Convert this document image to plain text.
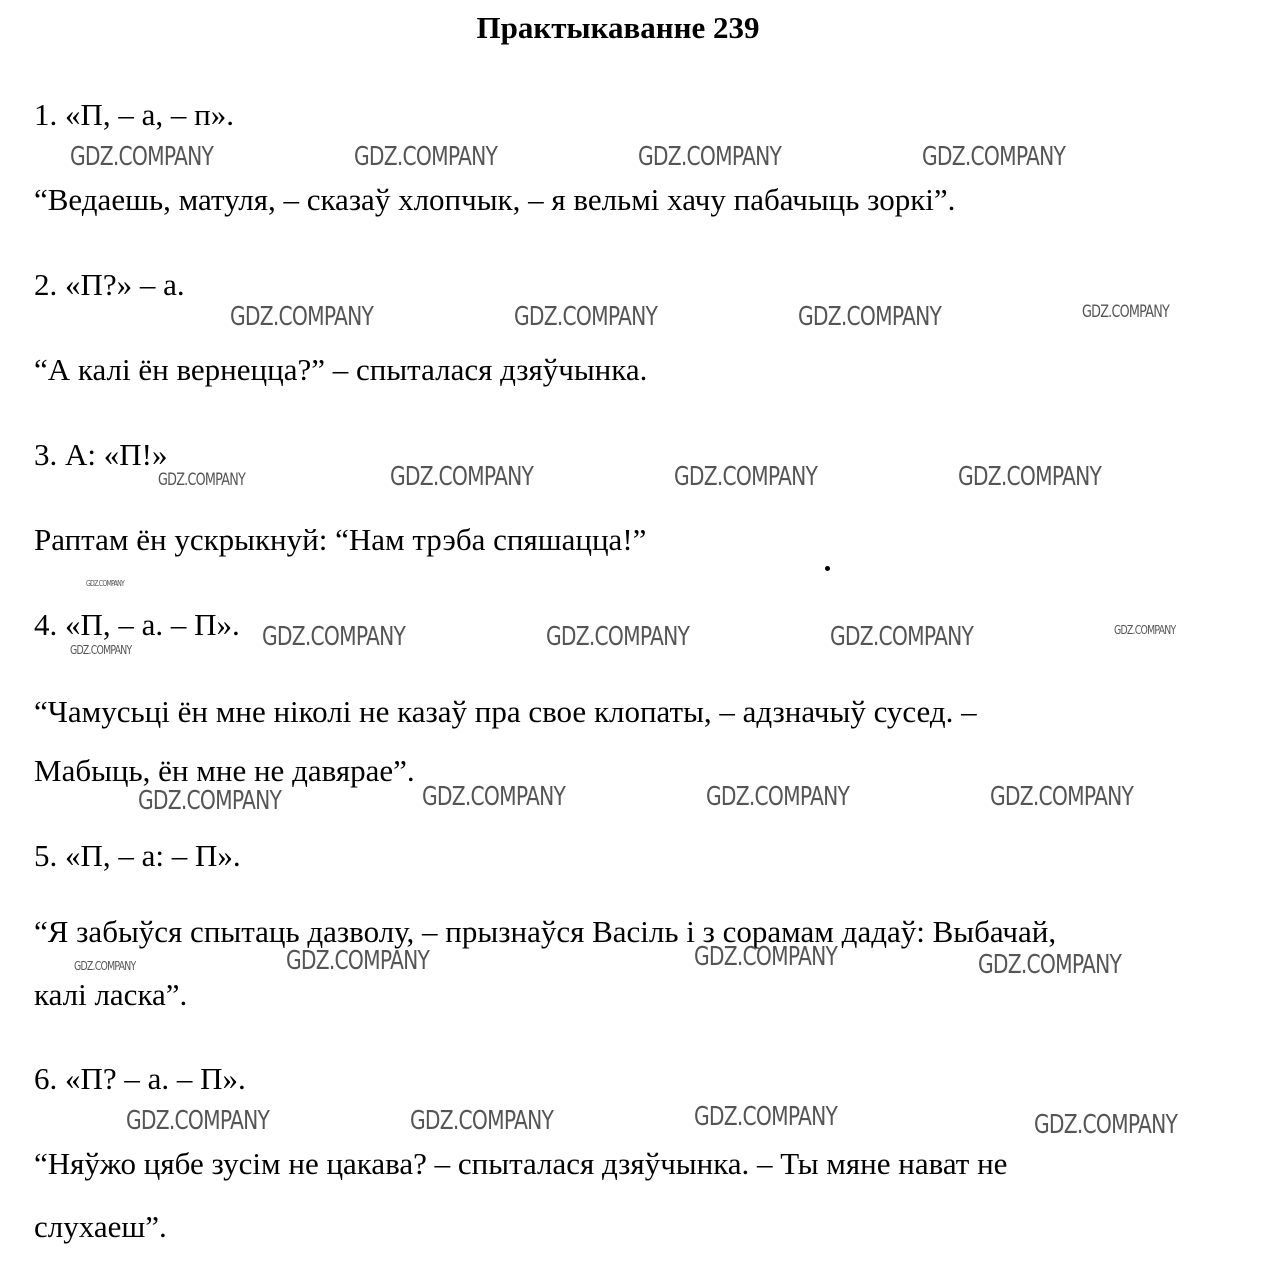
Практыкаванне 239
1. «П, – а, – п».
“Ведаешь, матуля, – сказаў хлопчык, – я вельмі хачу пабачыць зоркі”.
2. «П?» – а.
“А калі ён вернецца?” – спыталася дзяўчынка.
3. А: «П!»
Раптам ён ускрыкнуй: “Нам трэба спяшацца!”
4. «П, – а. – П».
“Чамусьці ён мне ніколі не казаў пра свое клопаты, – адзначыў сусед. –
Мабыць, ён мне не давярае”.
5. «П, – а: – П».
“Я забыўся спытаць дазволу, – прызнаўся Васіль і з сорамам дадаў: Выбачай,
калі ласка”.
6. «П? – а. – П».
“Няўжо цябе зусім не цакава? – спыталася дзяўчынка. – Ты мяне нават не
слухаеш”.
GDZ.COMPANY	GDZ.COMPANY	GDZ.COMPANY	GDZ.COMPANY
GDZ.COMPANY	GDZ.COMPANY	GDZ.COMPANY	GDZ.COMPANY
GDZ.COMPANY	GDZ.COMPANY	GDZ.COMPANY	GDZ.COMPANY
GDZ.COMPANY
GDZ.COMPANY	GDZ.COMPANY	GDZ.COMPANY	GDZ.COMPANY
GDZ.COMPANY
GDZ.COMPANY	GDZ.COMPANY	GDZ.COMPANY	GDZ.COMPANY
GDZ.COMPANY	GDZ.COMPANY	GDZ.COMPANY	GDZ.COMPANY
GDZ.COMPANY	GDZ.COMPANY	GDZ.COMPANY	GDZ.COMPANY
